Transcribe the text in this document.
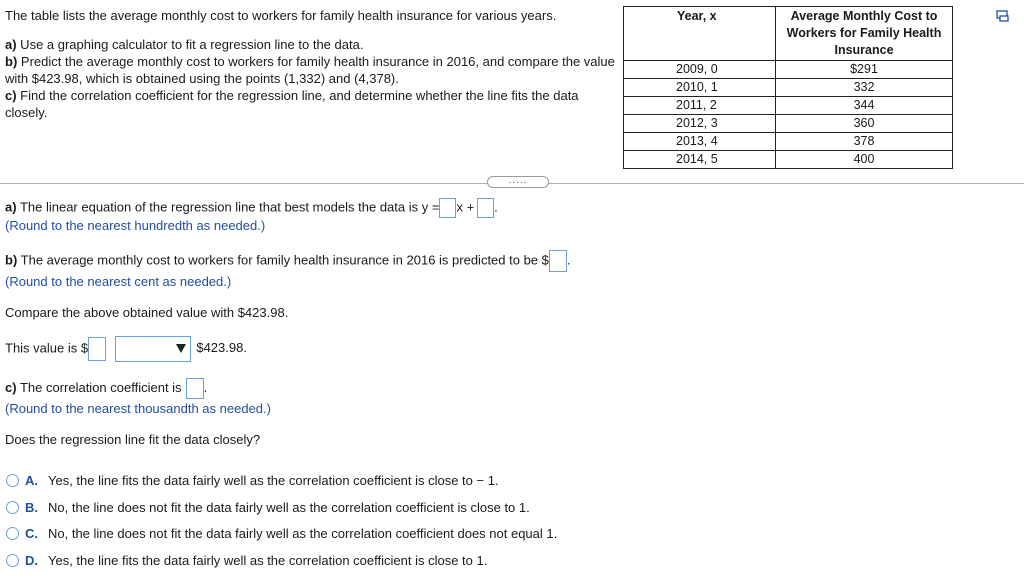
The table lists the average monthly cost to workers for family health insurance for various years.

a) Use a graphing calculator to fit a regression line to the data.

b) Predict the average monthly cost to workers for family health insurance in 2016, and compare the value with $423.98, which is obtained using the points (1,332) and (4,378).

c) Find the correlation coefficient for the regression line, and determine whether the line fits the data closely.

Year, x	Average Monthly Cost to Workers for Family Health Insurance
2009, 0	$291
2010, 1	332
2011, 2	344
2012, 3	360
2013, 4	378
2014, 5	400
.....
a) The linear equation of the regression line that best models the data is y = x + .
(Round to the nearest hundredth as needed.)
b) The average monthly cost to workers for family health insurance in 2016 is predicted to be $ .
(Round to the nearest cent as needed.)
Compare the above obtained value with $423.98.
This value is $	$423.98.
c) The correlation coefficient is .
(Round to the nearest thousandth as needed.)
Does the regression line fit the data closely?
A. Yes, the line fits the data fairly well as the correlation coefficient is close to − 1.
B. No, the line does not fit the data fairly well as the correlation coefficient is close to 1.
C. No, the line does not fit the data fairly well as the correlation coefficient does not equal 1.
D. Yes, the line fits the data fairly well as the correlation coefficient is close to 1.
